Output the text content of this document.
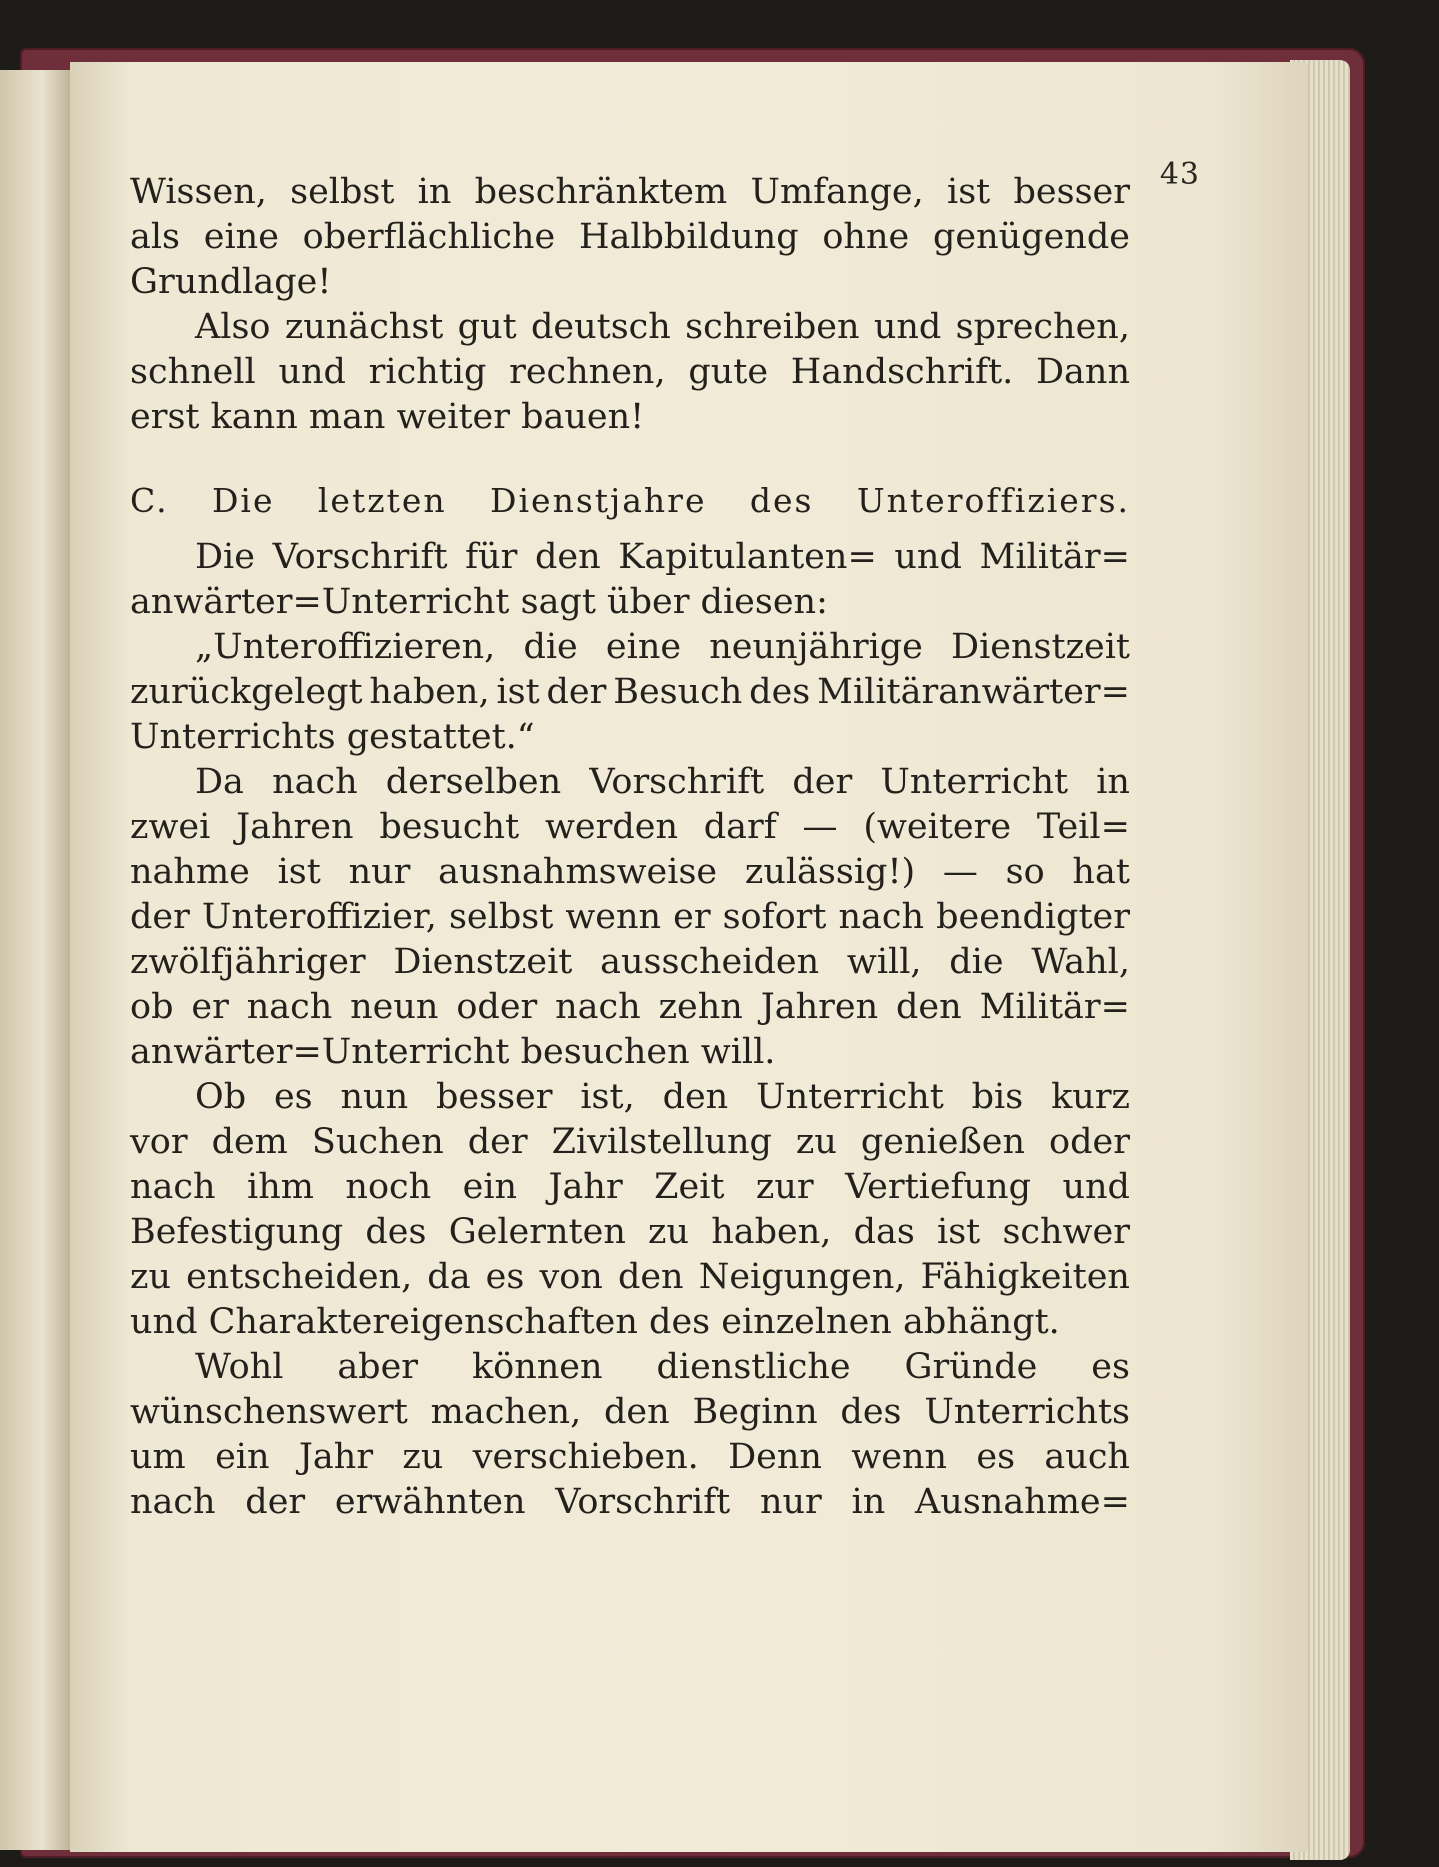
43
Wissen, selbst in beschränktem Umfange, ist besser
als eine oberflächliche Halbbildung ohne genügende
Grundlage!
Also zunächst gut deutsch schreiben und sprechen,
schnell und richtig rechnen, gute Handschrift. Dann
erst kann man weiter bauen!
C. Die letzten Dienstjahre des Unteroffiziers.
Die Vorschrift für den Kapitulanten= und Militär=
anwärter=Unterricht sagt über diesen:
„Unteroffizieren, die eine neunjährige Dienstzeit
zurückgelegt haben, ist der Besuch des Militäranwärter=
Unterrichts gestattet.“
Da nach derselben Vorschrift der Unterricht in
zwei Jahren besucht werden darf — (weitere Teil=
nahme ist nur ausnahmsweise zulässig!) — so hat
der Unteroffizier, selbst wenn er sofort nach beendigter
zwölfjähriger Dienstzeit ausscheiden will, die Wahl,
ob er nach neun oder nach zehn Jahren den Militär=
anwärter=Unterricht besuchen will.
Ob es nun besser ist, den Unterricht bis kurz
vor dem Suchen der Zivilstellung zu genießen oder
nach ihm noch ein Jahr Zeit zur Vertiefung und
Befestigung des Gelernten zu haben, das ist schwer
zu entscheiden, da es von den Neigungen, Fähigkeiten
und Charaktereigenschaften des einzelnen abhängt.
Wohl aber können dienstliche Gründe es
wünschenswert machen, den Beginn des Unterrichts
um ein Jahr zu verschieben. Denn wenn es auch
nach der erwähnten Vorschrift nur in Ausnahme=
